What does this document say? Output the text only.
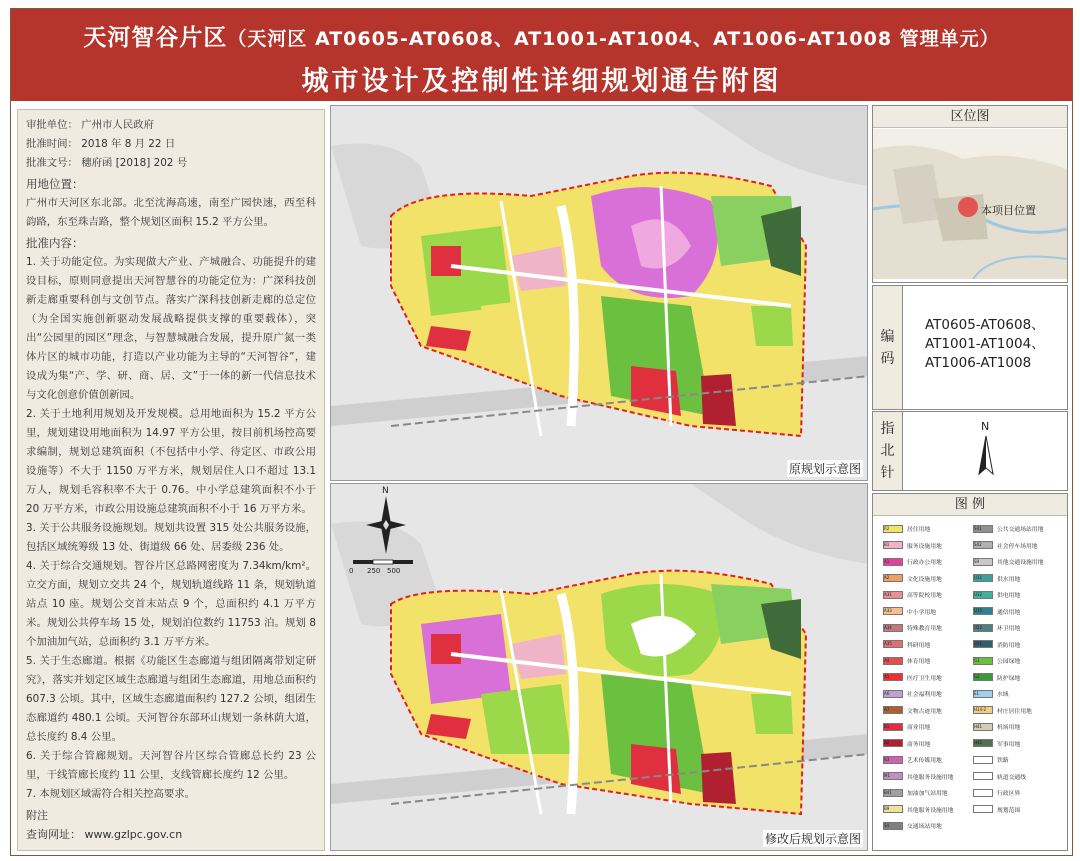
天河智谷片区（天河区 AT0605-AT0608、AT1001-AT1004、AT1006-AT1008 管理单元）
城市设计及控制性详细规划通告附图
审批单位： 广州市人民政府
批准时间： 2018 年 8 月 22 日
批准文号： 穗府函 [2018] 202 号
用地位置：

广州市天河区东北部。北至沈海高速，南至广园快速，西至科韵路，东至珠吉路，整个规划区面积 15.2 平方公里。

批准内容：

1. 关于功能定位。为实现做大产业、产城融合、功能提升的建设目标，原则同意提出天河智慧谷的功能定位为：广深科技创新走廊重要科创与文创节点。落实广深科技创新走廊的总定位（为全国实施创新驱动发展战略提供支撑的重要载体），突出“公园里的园区”理念，与智慧城融合发展，提升原广氮一类体片区的城市功能，打造以产业功能为主导的“天河智谷”，建设成为集“产、学、研、商、居、文”于一体的新一代信息技术与文化创意价值创新园。

2. 关于土地利用规划及开发规模。总用地面积为 15.2 平方公里，规划建设用地面积为 14.97 平方公里，按目前机场控高要求编制，规划总建筑面积（不包括中小学、待定区、市政公用设施等）不大于 1150 万平方米，规划居住人口不超过 13.1 万人，规划毛容积率不大于 0.76。中小学总建筑面积不小于 20 万平方米，市政公用设施总建筑面积不小于 16 万平方米。

3. 关于公共服务设施规划。规划共设置 315 处公共服务设施，包括区域统筹级 13 处、街道级 66 处、居委级 236 处。

4. 关于综合交通规划。智谷片区总路网密度为 7.34km/km²。立交方面，规划立交共 24 个，规划轨道线路 11 条，规划轨道站点 10 座。规划公交首末站点 9 个，总面积约 4.1 万平方米。规划公共停车场 15 处，规划泊位数约 11753 泊。规划 8 个加油加气站，总面积约 3.1 万平方米。

5. 关于生态廊道。根据《功能区生态廊道与组团隔离带划定研究》，落实并划定区域生态廊道与组团生态廊道，用地总面积约 607.3 公顷。其中，区域生态廊道面积约 127.2 公顷，组团生态廊道约 480.1 公顷。天河智谷东部环山规划一条林荫大道，总长度约 8.4 公里。

6. 关于综合管廊规划。天河智谷片区综合管廊总长约 23 公里，干线管廊长度约 11 公里，支线管廊长度约 12 公里。

7. 本规划区域需符合相关控高要求。

附注
查询网址： www.gzlpc.gov.cn
原规划示意图
N
0 250 500
修改后规划示意图
区位图
本项目位置
编
码
AT0605-AT0608、
AT1001-AT1004、
AT1006-AT1008
指
北
针
N
图 例
R2	居住用地
B1	服务设施用地
A1	行政办公用地
A2	文化设施用地
A31	高等院校用地
A33	中小学用地
A34	特殊教育用地
A35	科研用地
A4	体育用地
A5	医疗卫生用地
A6	社会福利用地
A7	文物古迹用地
B1	商业用地
B2	商务用地
B3	艺术传媒用地
M1	其他服务设施用地
B41	加油加气站用地
B9	其他服务设施用地
S4	交通场站用地
S41	公共交通场站用地
S42	社会停车场用地
S9	其他交通设施用地
U11	供水用地
U12	供电用地
U15	通信用地
U22	环卫用地
U31	消防用地
G1	公园绿地
G2	防护绿地
E1	水域
H14-2	村庄居住用地
H41	机场用地
H42	军事用地
铁路
轨道交通线
行政区界
规划范围
